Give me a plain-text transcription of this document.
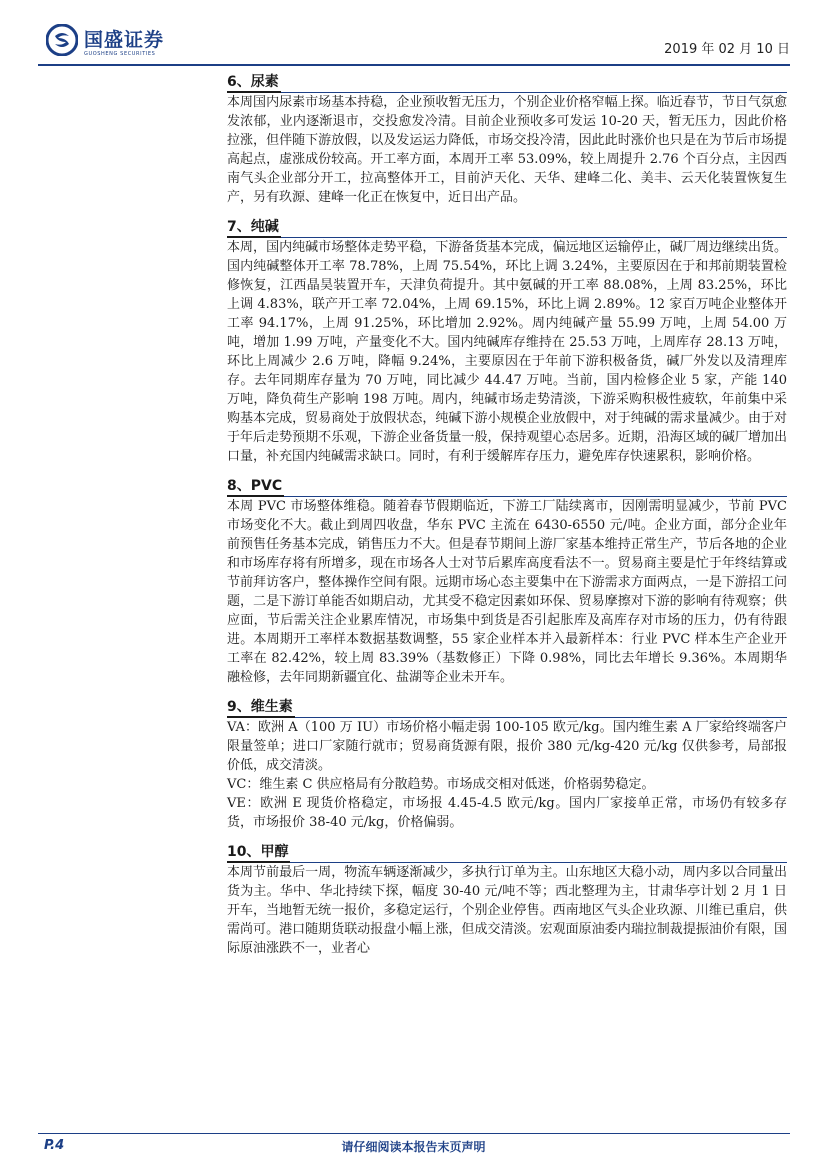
国盛证券
GUOSHENG SECURITIES	2019 年 02 月 10 日
6、尿素

本周国内尿素市场基本持稳，企业预收暂无压力，个别企业价格窄幅上探。临近春节，节日气氛愈发浓郁，业内逐渐退市，交投愈发冷清。目前企业预收多可发运 10-20 天，暂无压力，因此价格拉涨，但伴随下游放假，以及发运运力降低，市场交投冷清，因此此时涨价也只是在为节后市场提高起点，虚涨成份较高。开工率方面，本周开工率 53.09%，较上周提升 2.76 个百分点，主因西南气头企业部分开工，拉高整体开工，目前泸天化、天华、建峰二化、美丰、云天化装置恢复生产，另有玖源、建峰一化正在恢复中，近日出产品。

7、纯碱

本周，国内纯碱市场整体走势平稳，下游备货基本完成，偏远地区运输停止，碱厂周边继续出货。国内纯碱整体开工率 78.78%，上周 75.54%，环比上调 3.24%，主要原因在于和邦前期装置检修恢复，江西晶昊装置开车，天津负荷提升。其中氨碱的开工率 88.08%，上周 83.25%，环比上调 4.83%，联产开工率 72.04%，上周 69.15%，环比上调 2.89%。12 家百万吨企业整体开工率 94.17%，上周 91.25%，环比增加 2.92%。周内纯碱产量 55.99 万吨，上周 54.00 万吨，增加 1.99 万吨，产量变化不大。国内纯碱库存维持在 25.53 万吨，上周库存 28.13 万吨，环比上周减少 2.6 万吨，降幅 9.24%，主要原因在于年前下游积极备货，碱厂外发以及清理库存。去年同期库存量为 70 万吨，同比减少 44.47 万吨。当前，国内检修企业 5 家，产能 140 万吨，降负荷生产影响 198 万吨。周内，纯碱市场走势清淡，下游采购积极性疲软，年前集中采购基本完成，贸易商处于放假状态，纯碱下游小规模企业放假中，对于纯碱的需求量减少。由于对于年后走势预期不乐观，下游企业备货量一般，保持观望心态居多。近期，沿海区域的碱厂增加出口量，补充国内纯碱需求缺口。同时，有利于缓解库存压力，避免库存快速累积，影响价格。

8、PVC

本周 PVC 市场整体维稳。随着春节假期临近，下游工厂陆续离市，因刚需明显减少，节前 PVC 市场变化不大。截止到周四收盘，华东 PVC 主流在 6430-6550 元/吨。企业方面，部分企业年前预售任务基本完成，销售压力不大。但是春节期间上游厂家基本维持正常生产，节后各地的企业和市场库存将有所增多，现在市场各人士对节后累库高度看法不一。贸易商主要是忙于年终结算或节前拜访客户，整体操作空间有限。远期市场心态主要集中在下游需求方面两点，一是下游招工问题，二是下游订单能否如期启动，尤其受不稳定因素如环保、贸易摩擦对下游的影响有待观察；供应面，节后需关注企业累库情况，市场集中到货是否引起胀库及高库存对市场的压力，仍有待跟进。本周期开工率样本数据基数调整，55 家企业样本并入最新样本：行业 PVC 样本生产企业开工率在 82.42%，较上周 83.39%（基数修正）下降 0.98%，同比去年增长 9.36%。本周期华融检修，去年同期新疆宜化、盐湖等企业未开车。

9、维生素

VA：欧洲 A（100 万 IU）市场价格小幅走弱 100-105 欧元/kg。国内维生素 A 厂家给终端客户限量签单；进口厂家随行就市；贸易商货源有限，报价 380 元/kg-420 元/kg 仅供参考，局部报价低，成交清淡。

VC：维生素 C 供应格局有分散趋势。市场成交相对低迷，价格弱势稳定。

VE：欧洲 E 现货价格稳定，市场报 4.45-4.5 欧元/kg。国内厂家接单正常，市场仍有较多存货，市场报价 38-40 元/kg，价格偏弱。

10、甲醇

本周节前最后一周，物流车辆逐渐减少，多执行订单为主。山东地区大稳小动，周内多以合同量出货为主。华中、华北持续下探，幅度 30-40 元/吨不等；西北整理为主，甘肃华亭计划 2 月 1 日开车，当地暂无统一报价，多稳定运行，个别企业停售。西南地区气头企业玖源、川维已重启，供需尚可。港口随期货联动报盘小幅上涨，但成交清淡。宏观面原油委内瑞拉制裁提振油价有限，国际原油涨跌不一，业者心

P.4	请仔细阅读本报告末页声明
